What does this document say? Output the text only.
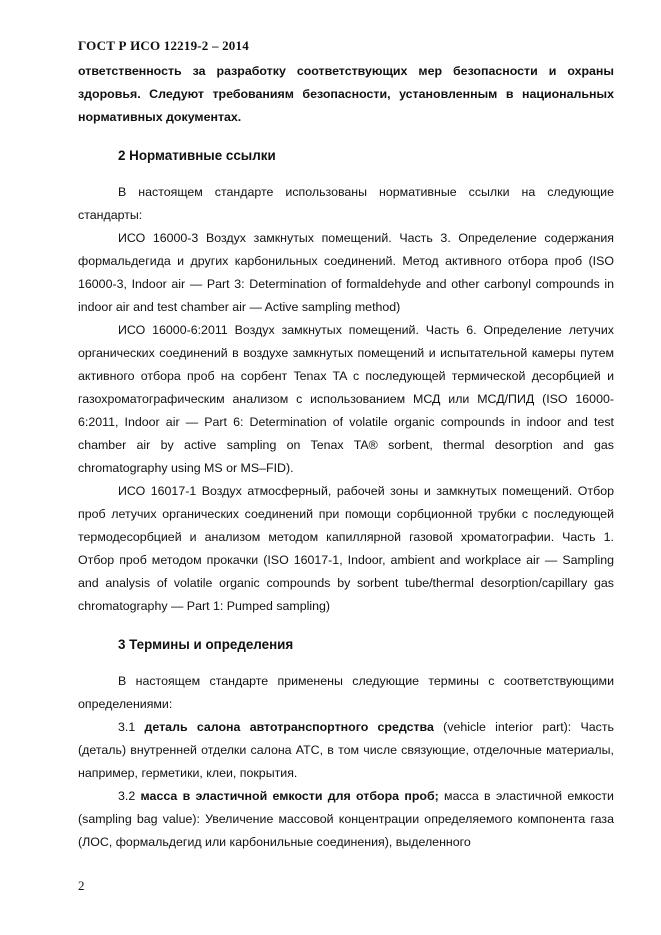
ГОСТ Р ИСО 12219-2 – 2014

ответственность за разработку соответствующих мер безопасности и охраны здоровья. Следуют требованиям безопасности, установленным в национальных нормативных документах.

2 Нормативные ссылки

В настоящем стандарте использованы нормативные ссылки на следующие стандарты:

ИСО 16000-3 Воздух замкнутых помещений. Часть 3. Определение содержания формальдегида и других карбонильных соединений. Метод активного отбора проб (ISO 16000-3, Indoor air — Part 3: Determination of formaldehyde and other carbonyl compounds in indoor air and test chamber air — Active sampling method)

ИСО 16000-6:2011 Воздух замкнутых помещений. Часть 6. Определение летучих органических соединений в воздухе замкнутых помещений и испытательной камеры путем активного отбора проб на сорбент Tenax TA с последующей термической десорбцией и газохроматографическим анализом с использованием МСД или МСД/ПИД (ISO 16000-6:2011, Indoor air — Part 6: Determination of volatile organic compounds in indoor and test chamber air by active sampling on Tenax TA® sorbent, thermal desorption and gas chromatography using MS or MS–FID).

ИСО 16017-1 Воздух атмосферный, рабочей зоны и замкнутых помещений. Отбор проб летучих органических соединений при помощи сорбционной трубки с последующей термодесорбцией и анализом методом капиллярной газовой хроматографии. Часть 1. Отбор проб методом прокачки (ISO 16017-1, Indoor, ambient and workplace air — Sampling and analysis of volatile organic compounds by sorbent tube/thermal desorption/capillary gas chromatography — Part 1: Pumped sampling)

3 Термины и определения

В настоящем стандарте применены следующие термины с соответствующими определениями:

3.1 деталь салона автотранспортного средства (vehicle interior part): Часть (деталь) внутренней отделки салона АТС, в том числе связующие, отделочные материалы, например, герметики, клеи, покрытия.

3.2 масса в эластичной емкости для отбора проб; масса в эластичной емкости (sampling bag value): Увеличение массовой концентрации определяемого компонента газа (ЛОС, формальдегид или карбонильные соединения), выделенного

2
